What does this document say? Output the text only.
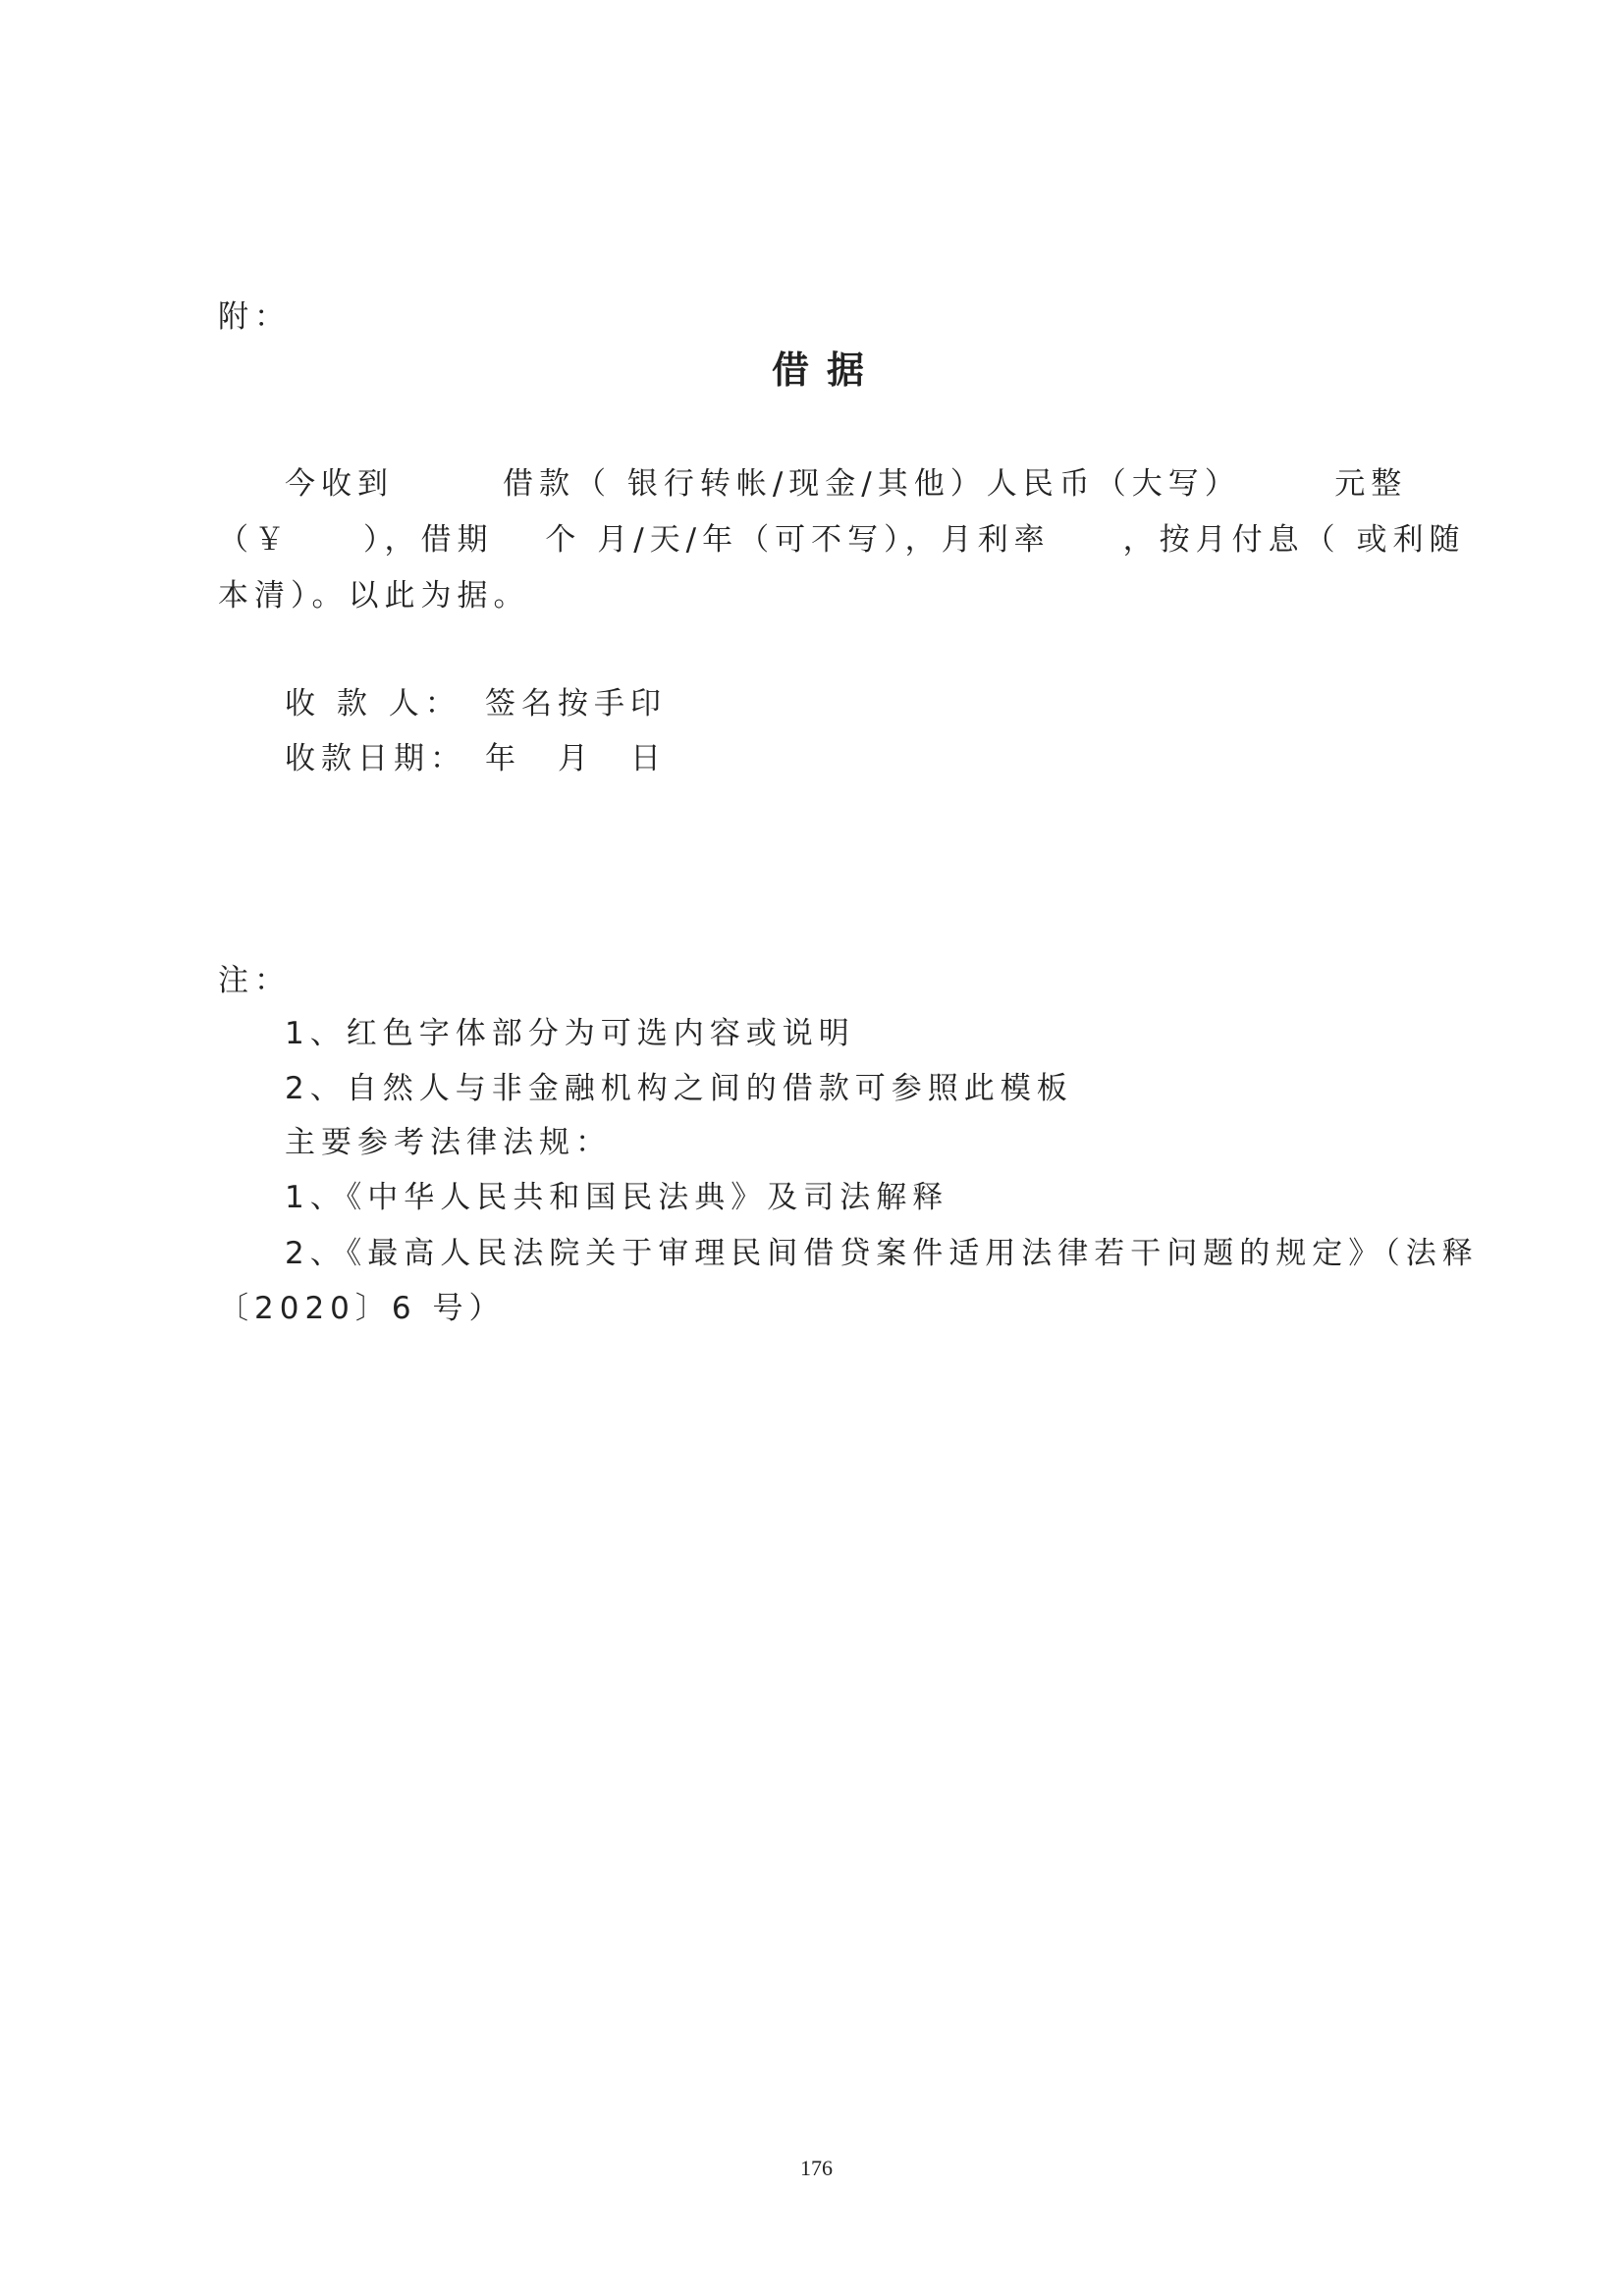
附：
借据
今收到　　　借款（ 银行转帐/现金/其他）人民币（大写）　　　元整
（￥　　），借期　 个 月/天/年（可不写），月利率　　，按月付息（ 或利随
本清）。以此为据。
收 款 人： 签名按手印
收款日期： 年　月　日
注：
1、红色字体部分为可选内容或说明
2、自然人与非金融机构之间的借款可参照此模板
主要参考法律法规：
1、《中华人民共和国民法典》及司法解释
2、《最高人民法院关于审理民间借贷案件适用法律若干问题的规定》（法释
〔2020〕6 号）
176
